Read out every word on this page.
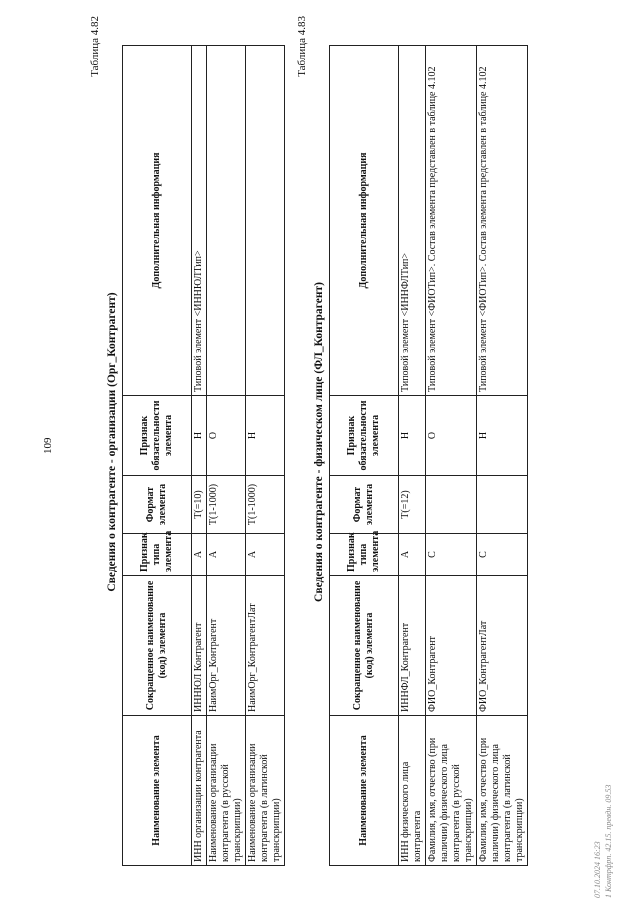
109
Таблица 4.82
Сведения о контрагенте - организации (Орг_Контрагент)
Наименование элемента	Сокращенное наименование (код) элемента	Признак типа элемента	Формат элемента	Признак обязательности элемента	Дополнительная информация
ИНН организации контрагента	ИННЮЛ Контрагент	А	T(=10)	Н	Типовой элемент <ИННЮЛТип>
Наименование организации контрагента (в русской транскрипции)	НаимОрг_Контрагент	А	T(1-1000)	О	
Наименование организации контрагента (в латинской транскрипции)	НаимОрг_КонтрагентЛат	А	T(1-1000)	Н	
Таблица 4.83
Сведения о контрагенте - физическом лице (ФЛ_Контрагент)
Наименование элемента	Сокращенное наименование (код) элемента	Признак типа элемента	Формат элемента	Признак обязательности элемента	Дополнительная информация
ИНН физического лица контрагента	ИННФЛ_Контрагент	А	T(=12)	Н	Типовой элемент <ИННФЛТип>
Фамилия, имя, отчество (при наличии) физического лица контрагента (в русской транскрипции)	ФИО_Контрагент	С		О	Типовой элемент <ФИОТип>. Состав элемента представлен в таблице 4.102
Фамилия, имя, отчество (при наличии) физического лица контрагента (в латинской транскрипции)	ФИО_КонтрагентЛат	С		Н	Типовой элемент <ФИОТип>. Состав элемента представлен в таблице 4.102
07.10.2024 16:23 1 Контрфрп. 42.15. превдн. 09.53
